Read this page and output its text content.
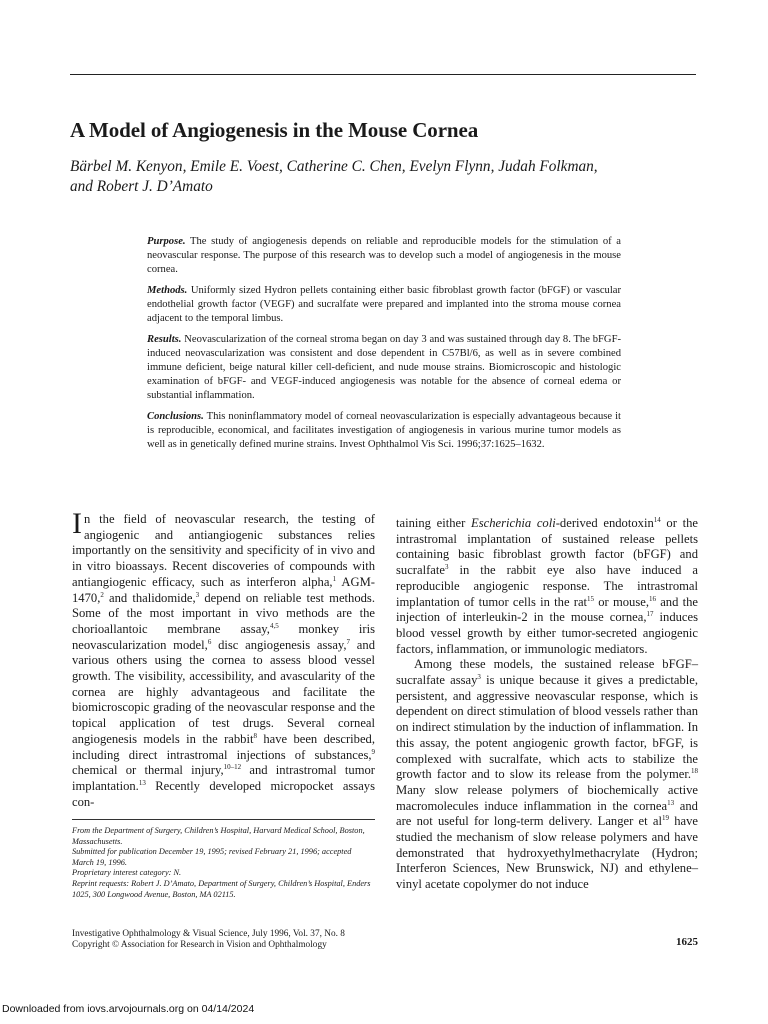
A Model of Angiogenesis in the Mouse Cornea
Bärbel M. Kenyon, Emile E. Voest, Catherine C. Chen, Evelyn Flynn, Judah Folkman,
and Robert J. D’Amato

Purpose. The study of angiogenesis depends on reliable and reproducible models for the stimulation of a neovascular response. The purpose of this research was to develop such a model of angiogenesis in the mouse cornea.

Methods. Uniformly sized Hydron pellets containing either basic fibroblast growth factor (bFGF) or vascular endothelial growth factor (VEGF) and sucralfate were prepared and implanted into the stroma mouse cornea adjacent to the temporal limbus.

Results. Neovascularization of the corneal stroma began on day 3 and was sustained through day 8. The bFGF-induced neovascularization was consistent and dose dependent in C57Bl/6, as well as in severe combined immune deficient, beige natural killer cell-deficient, and nude mouse strains. Biomicroscopic and histologic examination of bFGF- and VEGF-induced angiogenesis was notable for the absence of corneal edema or substantial inflammation.

Conclusions. This noninflammatory model of corneal neovascularization is especially advantageous because it is reproducible, economical, and facilitates investigation of angiogenesis in various murine tumor models as well as in genetically defined murine strains. Invest Ophthalmol Vis Sci. 1996;37:1625–1632.

In the field of neovascular research, the testing of angiogenic and antiangiogenic substances relies importantly on the sensitivity and specificity of in vivo and in vitro bioassays. Recent discoveries of compounds with antiangiogenic efficacy, such as interferon alpha,$^1$ AGM-1470,$^2$ and thalidomide,$^3$ depend on reliable test methods. Some of the most important in vivo methods are the chorioallantoic membrane assay,$^{4,5}$ monkey iris neovascularization model,$^6$ disc angiogenesis assay,$^7$ and various others using the cornea to assess blood vessel growth. The visibility, accessibility, and avascularity of the cornea are highly advantageous and facilitate the biomicroscopic grading of the neovascular response and the topical application of test drugs. Several corneal angiogenesis models in the rabbit$^8$ have been described, including direct intrastromal injections of substances,$^9$ chemical or thermal injury,$^{10-12}$ and intrastromal tumor implantation.$^{13}$ Recently developed micropocket assays con-

taining either Escherichia coli-derived endotoxin$^{14}$ or the intrastromal implantation of sustained release pellets containing basic fibroblast growth factor (bFGF) and sucralfate$^3$ in the rabbit eye also have induced a reproducible angiogenic response. The intrastromal implantation of tumor cells in the rat$^{15}$ or mouse,$^{16}$ and the injection of interleukin-2 in the mouse cornea,$^{17}$ induces blood vessel growth by either tumor-secreted angiogenic factors, inflammation, or immunologic mediators.

Among these models, the sustained release bFGF–sucralfate assay$^3$ is unique because it gives a predictable, persistent, and aggressive neovascular response, which is dependent on direct stimulation of blood vessels rather than on indirect stimulation by the induction of inflammation. In this assay, the potent angiogenic growth factor, bFGF, is complexed with sucralfate, which acts to stabilize the growth factor and to slow its release from the polymer.$^{18}$ Many slow release polymers of biochemically active macromolecules induce inflammation in the cornea$^{13}$ and are not useful for long-term delivery. Langer et $al^{19}$ have studied the mechanism of slow release polymers and have demonstrated that hydroxyethylmethacrylate (Hydron; Interferon Sciences, New Brunswick, NJ) and ethylene–vinyl acetate copolymer do not induce

From the Department of Surgery, Children’s Hospital, Harvard Medical School, Boston, Massachusetts.

Submitted for publication December 19, 1995; revised February 21, 1996; accepted March 19, 1996.

Proprietary interest category: N.

Reprint requests: Robert J. D’Amato, Department of Surgery, Children’s Hospital, Enders 1025, 300 Longwood Avenue, Boston, MA 02115.

Investigative Ophthalmology & Visual Science, July 1996, Vol. 37, No. 8

Copyright © Association for Research in Vision and Ophthalmology	1625
Downloaded from iovs.arvojournals.org on 04/14/2024
